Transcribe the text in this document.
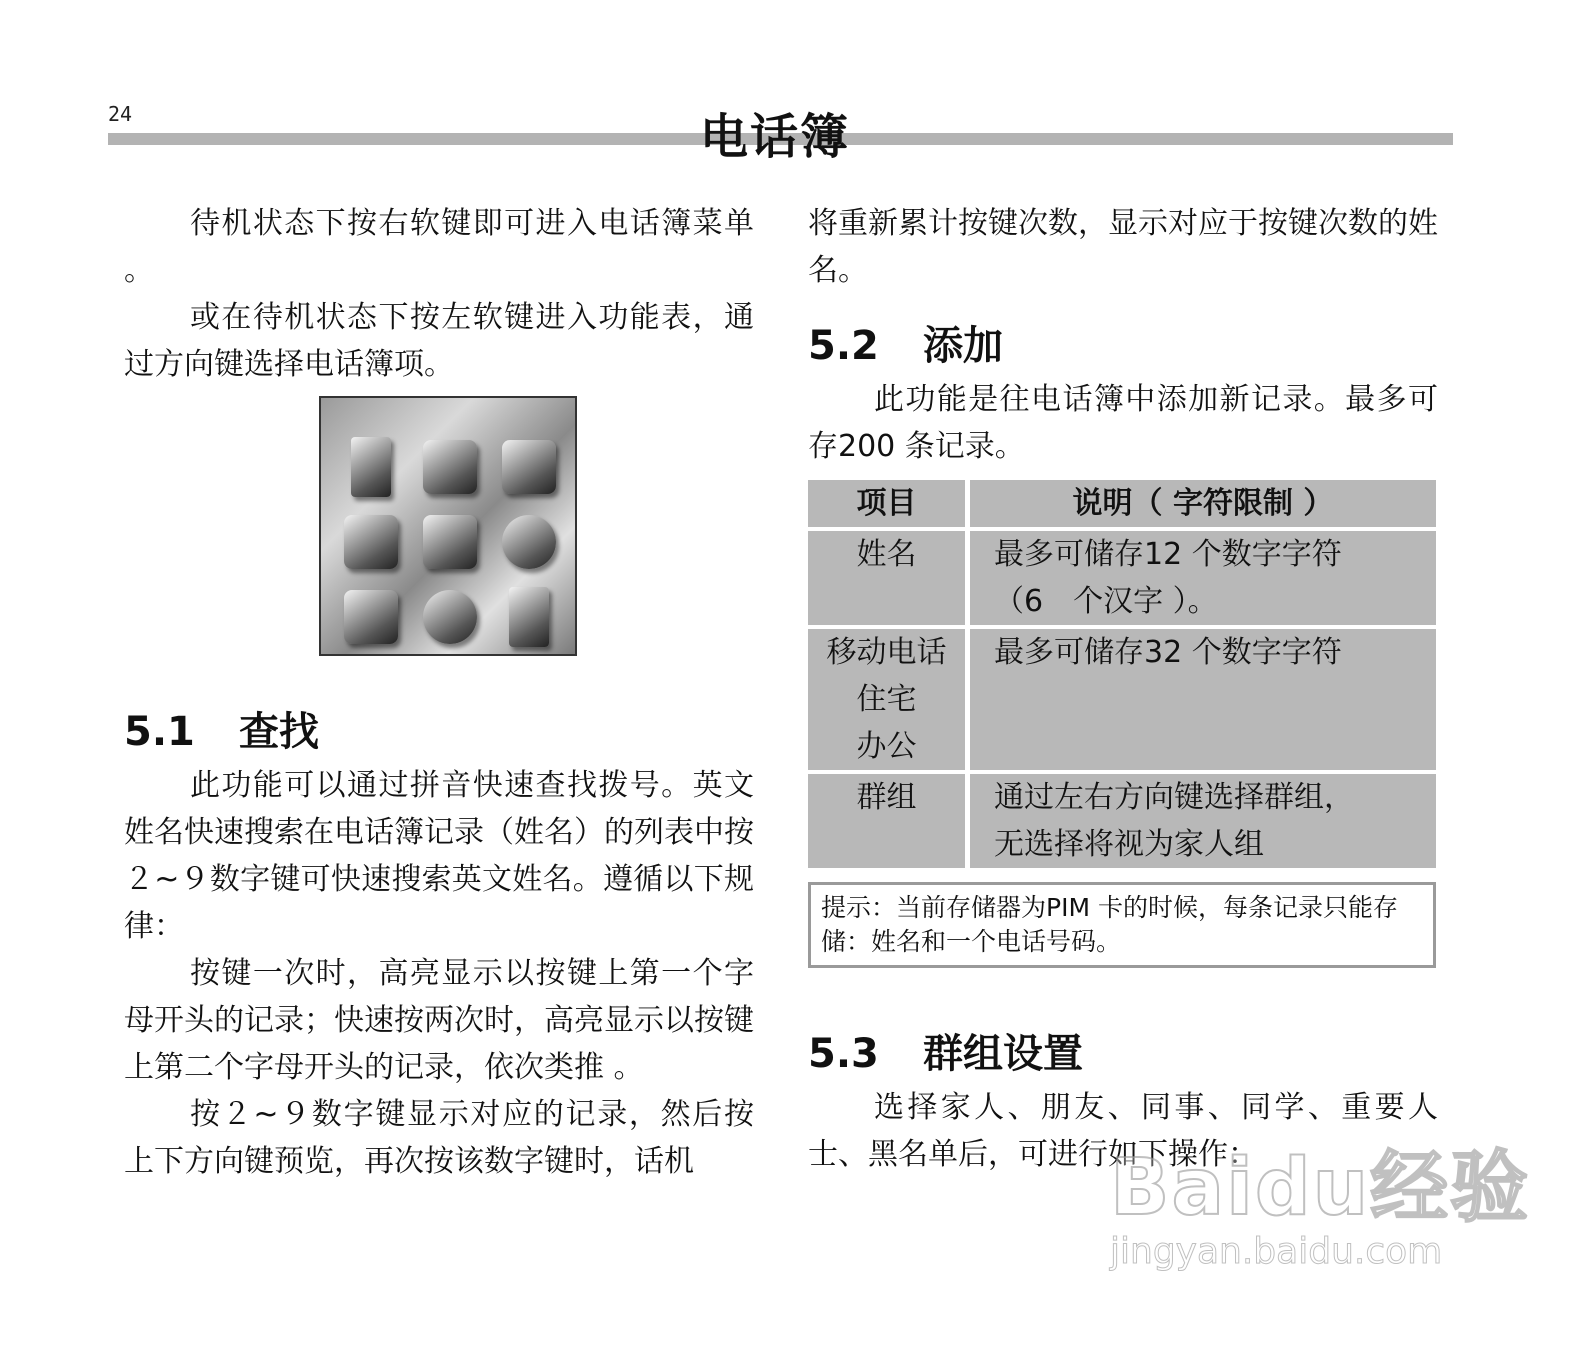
24	电话簿

待机状态下按右软键即可进入电话簿菜单 。

或在待机状态下按左软键进入功能表，通过方向键选择电话簿项。

5.1	查找

此功能可以通过拼音快速查找拨号。英文姓名快速搜索在电话簿记录（姓名）的列表中按２~９数字键可快速搜索英文姓名。遵循以下规律：

按键一次时，高亮显示以按键上第一个字母开头的记录；快速按两次时，高亮显示以按键上第二个字母开头的记录，依次类推 。

按２~９数字键显示对应的记录，然后按上下方向键预览，再次按该数字键时，话机

将重新累计按键次数，显示对应于按键次数的姓名。

5.2	添加

此功能是往电话簿中添加新记录。最多可存200 条记录。

项目	说明（ 字符限制 ）
姓名	最多可储存12 个数字字符
（6　个汉字 ）。

移动电话
住宅
办公	最多可储存32 个数字字符
群组	通过左右方向键选择群组，
无选择将视为家人组

提示：当前存储器为PIM 卡的时候，每条记录只能存储：姓名和一个电话号码。

5.3	群组设置

选择家人、朋友、同事、同学、重要人士、黑名单后，可进行如下操作：

Baidu经验
jingyan.baidu.com
